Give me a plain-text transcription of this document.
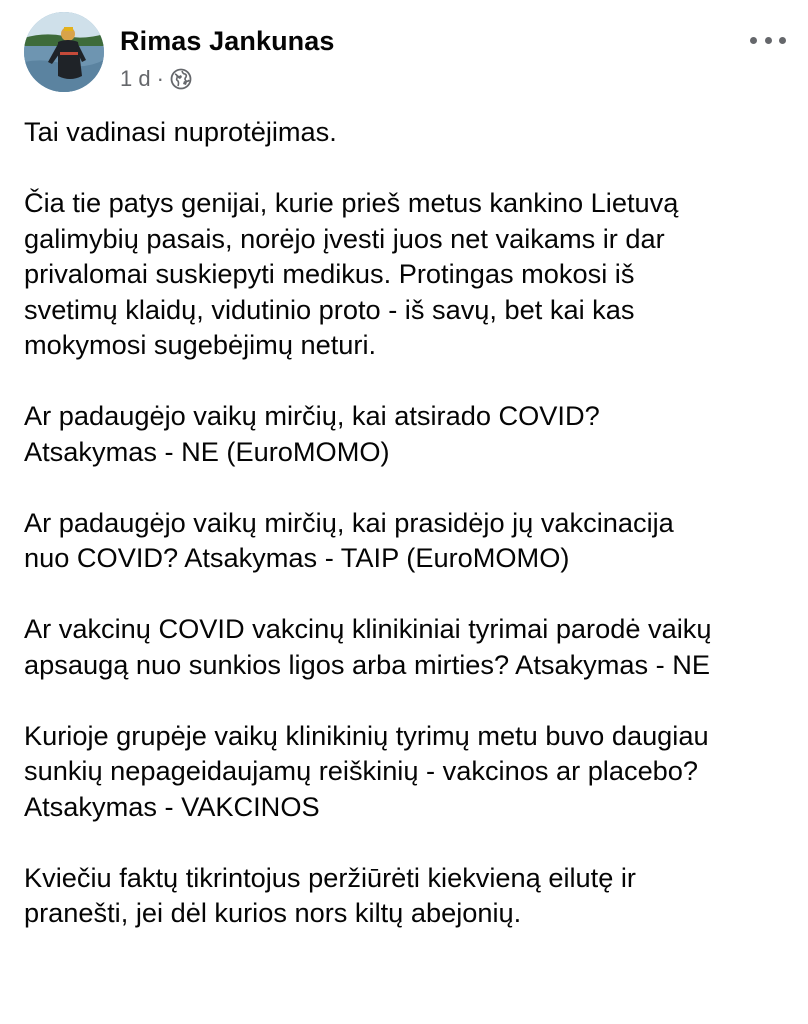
Rimas Jankunas
1 d ·
Tai vadinasi nuprotėjimas.
Čia tie patys genijai, kurie prieš metus kankino Lietuvą
galimybių pasais, norėjo įvesti juos net vaikams ir dar
privalomai suskiepyti medikus. Protingas mokosi iš
svetimų klaidų, vidutinio proto - iš savų, bet kai kas
mokymosi sugebėjimų neturi.
Ar padaugėjo vaikų mirčių, kai atsirado COVID?
Atsakymas - NE (EuroMOMO)
Ar padaugėjo vaikų mirčių, kai prasidėjo jų vakcinacija
nuo COVID? Atsakymas - TAIP (EuroMOMO)
Ar vakcinų COVID vakcinų klinikiniai tyrimai parodė vaikų
apsaugą nuo sunkios ligos arba mirties? Atsakymas - NE
Kurioje grupėje vaikų klinikinių tyrimų metu buvo daugiau
sunkių nepageidaujamų reiškinių - vakcinos ar placebo?
Atsakymas - VAKCINOS
Kviečiu faktų tikrintojus peržiūrėti kiekvieną eilutę ir
pranešti, jei dėl kurios nors kiltų abejonių.
